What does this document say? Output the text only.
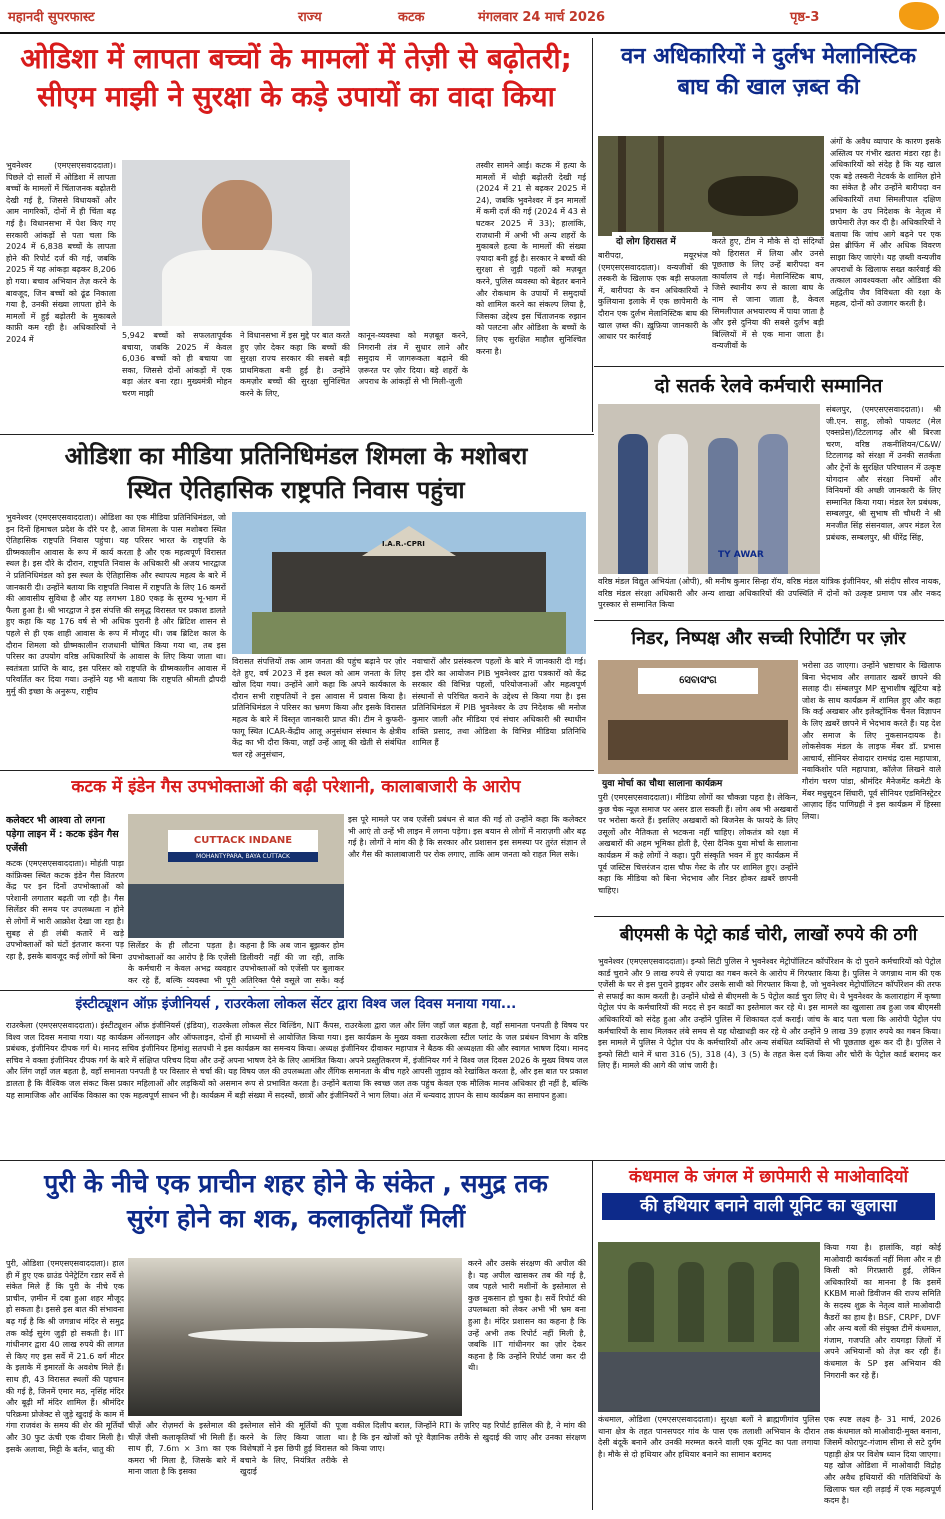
महानदी सुपरफास्ट	राज्य	कटक	मंगलवार 24 मार्च 2026	पृष्ठ-3
ओडिशा में लापता बच्चों के मामलों में तेज़ी से बढ़ोतरी;
सीएम माझी ने सुरक्षा के कड़े उपायों का वादा किया
भुवनेश्वर (एमएसएसवाददाता)। पिछले दो सालों में ओडिशा में लापता बच्चों के मामलों में चिंताजनक बढ़ोतरी देखी गई है, जिससे विधायकों और आम नागरिकों, दोनों में ही चिंता बढ़ गई है। विधानसभा में पेश किए गए सरकारी आंकड़ों से पता चला कि 2024 में 6,838 बच्चों के लापता होने की रिपोर्ट दर्ज की गई, जबकि 2025 में यह आंकड़ा बढ़कर 8,206 हो गया। बचाव अभियान तेज़ करने के बावजूद, जिन बच्चों को ढूंढ निकाला गया है, उनकी संख्या लापता होने के मामलों में हुई बढ़ोतरी के मुकाबले काफ़ी कम रही है। अधिकारियों ने 2024 में	5,942 बच्चों को सफलतापूर्वक बचाया, जबकि 2025 में केवल 6,036 बच्चों को ही बचाया जा सका, जिससे दोनों आंकड़ों में एक बड़ा अंतर बना रहा। मुख्यमंत्री मोहन चरण माझी
ने विधानसभा में इस मुद्दे पर बात करते हुए ज़ोर देकर कहा कि बच्चों की सुरक्षा राज्य सरकार की सबसे बड़ी प्राथमिकता बनी हुई है। उन्होंने कमज़ोर बच्चों की सुरक्षा सुनिश्चित करने के लिए,
कानून-व्यवस्था को मज़बूत करने, निगरानी तंत्र में सुधार लाने और समुदाय में जागरूकता बढ़ाने की ज़रूरत पर ज़ोर दिया। बड़े शहरों के अपराध के आंकड़ों से भी मिली-जुली
तस्वीर सामने आई। कटक में हत्या के मामलों में थोड़ी बढ़ोतरी देखी गई (2024 में 21 से बढ़कर 2025 में 24), जबकि भुवनेश्वर में इन मामलों में कमी दर्ज की गई (2024 में 43 से घटकर 2025 में 33); हालांकि, राजधानी में अभी भी अन्य शहरों के मुकाबले हत्या के मामलों की संख्या ज़्यादा बनी हुई है। सरकार ने बच्चों की सुरक्षा से जुड़ी पहलों को मज़बूत करने, पुलिस व्यवस्था को बेहतर बनाने और रोकथाम के उपायों में समुदायों को शामिल करने का संकल्प लिया है, जिसका उद्देश्य इस चिंताजनक रुझान को पलटना और ओडिशा के बच्चों के लिए एक सुरक्षित माहौल सुनिश्चित करना है।
वन अधिकारियों ने दुर्लभ मेलानिस्टिक
बाघ की खाल ज़ब्त की
दो लोग हिरासत में
बारीपदा, मयूरभंज (एमएसएसवाददाता)। वन्यजीवों की तस्करी के खिलाफ एक बड़ी सफलता में, बारीपदा के वन अधिकारियों ने कुलियाना इलाके में एक छापेमारी के दौरान एक दुर्लभ मेलानिस्टिक बाघ की खाल ज़ब्त की। ख़ुफ़िया जानकारी के आधार पर कार्रवाई
करते हुए, टीम ने मौके से दो संदिग्धों को हिरासत में लिया और उनसे पूछताछ के लिए उन्हें बारीपदा वन कार्यालय ले गई। मेलानिस्टिक बाघ, जिसे स्थानीय रूप से काला बाघ के नाम से जाना जाता है, केवल सिमलीपाल अभयारण्य में पाया जाता है और इसे दुनिया की सबसे दुर्लभ बड़ी बिल्लियों में से एक माना जाता है। वन्यजीवों के
अंगों के अवैध व्यापार के कारण इसके अस्तित्व पर गंभीर खतरा मंडरा रहा है। अधिकारियों को संदेह है कि यह खाल एक बड़े तस्करी नेटवर्क के शामिल होने का संकेत है और उन्होंने बारीपदा वन अधिकारियों तथा सिमलीपाल दक्षिण प्रभाग के उप निदेशक के नेतृत्व में छापेमारी तेज़ कर दी है। अधिकारियों ने बताया कि जांच आगे बढ़ने पर एक प्रेस ब्रीफिंग में और अधिक विवरण साझा किए जाएंगे। यह ज़ब्ती वन्यजीव अपराधों के खिलाफ सख्त कार्रवाई की तत्काल आवश्यकता और ओडिशा की अद्वितीय जैव विविधता की रक्षा के महत्व, दोनों को उजागर करती है।
दो सतर्क रेलवे कर्मचारी सम्मानित
TY AWAR
संबलपुर, (एमएसएसवाददाता)। श्री जी.एन. साहू, लोको पायलट (मेल एक्सप्रेस)/टिटलागढ़ और श्री बिरजा चरण, वरिष्ठ तकनीशियन/C&W/टिटलागढ़ को संरक्षा में उनकी सतर्कता और ट्रेनों के सुरक्षित परिचालन में उत्कृष्ट योगदान और संरक्षा नियमों और विनियमों की अच्छी जानकारी के लिए सम्मानित किया गया। मंडल रेल प्रबंधक, सम्बलपुर, श्री सुभाष सी चौधरी ने श्री मनजीत सिंह संसनवाल, अपर मंडल रेल प्रबंधक, सम्बलपुर, श्री धीरेंद्र सिंह,
वरिष्ठ मंडल विद्युत अभियंता (ओपी), श्री मनीष कुमार सिन्हा रॉय, वरिष्ठ मंडल यांत्रिक इंजीनियर, श्री संदीप सौरव नायक, वरिष्ठ मंडल संरक्षा अधिकारी और अन्य शाखा अधिकारियों की उपस्थिति में दोनों को उत्कृष्ट प्रमाण पत्र और नकद पुरस्कार से सम्मानित किया
ओडिशा का मीडिया प्रतिनिधिमंडल शिमला के मशोबरा
स्थित ऐतिहासिक राष्ट्रपति निवास पहुंचा
भुवनेश्वर (एमएसएसवाददाता)। ओडिशा का एक मीडिया प्रतिनिधिमंडल, जो इन दिनों हिमाचल प्रदेश के दौरे पर है, आज शिमला के पास मशोबरा स्थित ऐतिहासिक राष्ट्रपति निवास पहुंचा। यह परिसर भारत के राष्ट्रपति के ग्रीष्मकालीन आवास के रूप में कार्य करता है और एक महत्वपूर्ण विरासत स्थल है। इस दौरे के दौरान, राष्ट्रपति निवास के अधिकारी श्री अजय भारद्वाज ने प्रतिनिधिमंडल को इस स्थल के ऐतिहासिक और स्थापत्य महत्व के बारे में जानकारी दी। उन्होंने बताया कि राष्ट्रपति निवास में राष्ट्रपति के लिए 16 कमरों की आवासीय सुविधा है और यह लगभग 180 एकड़ के सुरम्य भू-भाग में फैला हुआ है। श्री भारद्वाज ने इस संपत्ति की समृद्ध विरासत पर प्रकाश डालते हुए कहा कि यह 176 वर्ष से भी अधिक पुरानी है और ब्रिटिश शासन से पहले से ही एक शाही आवास के रूप में मौजूद थी। जब ब्रिटिश काल के दौरान शिमला को ग्रीष्मकालीन राजधानी घोषित किया गया था, तब इस परिसर का उपयोग वरिष्ठ अधिकारियों के आवास के लिए किया जाता था। स्वतंत्रता प्राप्ति के बाद, इस परिसर को राष्ट्रपति के ग्रीष्मकालीन आवास में परिवर्तित कर दिया गया। उन्होंने यह भी बताया कि राष्ट्रपति श्रीमती द्रौपदी मुर्मु की इच्छा के अनुरूप, राष्ट्रीय
I.A.R.-CPRI
विरासत संपत्तियों तक आम जनता की पहुंच बढ़ाने पर ज़ोर देते हुए, वर्ष 2023 में इस स्थल को आम जनता के लिए खोल दिया गया। उन्होंने आगे कहा कि अपने कार्यकाल के दौरान सभी राष्ट्रपतियों ने इस आवास में प्रवास किया है। प्रतिनिधिमंडल ने परिसर का भ्रमण किया और इसके विरासत महत्व के बारे में विस्तृत जानकारी प्राप्त की। टीम ने कुफरी-फागू स्थित ICAR-केंद्रीय आलू अनुसंधान संस्थान के क्षेत्रीय केंद्र का भी दौरा किया, जहाँ उन्हें आलू की खेती से संबंधित चल रहे अनुसंधान,
नवाचारों और प्रसंस्करण पहलों के बारे में जानकारी दी गई। इस दौरे का आयोजन PIB भुवनेश्वर द्वारा पत्रकारों को केंद्र सरकार की विभिन्न पहलों, परियोजनाओं और महत्वपूर्ण संस्थानों से परिचित कराने के उद्देश्य से किया गया है। इस प्रतिनिधिमंडल में PIB भुवनेश्वर के उप निदेशक श्री मनोज कुमार जाली और मीडिया एवं संचार अधिकारी श्री स्थाधीन शक्ति प्रसाद, तथा ओडिशा के विभिन्न मीडिया प्रतिनिधि शामिल हैं
निडर, निष्पक्ष और सच्ची रिपोर्टिंग पर ज़ोर
ସେବାସଂଗ
युवा मोर्चा का चौथा सालाना कार्यक्रम
पुरी (एमएसएसवाददाता)। मीडिया लोगों का चौकन्ना पहरा है। लेकिन, कुछ चेक न्यूज़ समाज पर असर डाल सकती हैं। लोग अब भी अखबारों पर भरोसा करते हैं। इसलिए अखबारों को बिजनेस के फायदे के लिए उसूलों और नैतिकता से भटकना नहीं चाहिए। लोकतंत्र को रक्षा में अखबारों की अहम भूमिका होती है, ऐसा दैनिक युवा मोर्चा के सालाना कार्यक्रम में कहे लोगों ने कहा। पुरी संस्कृति भवन में हुए कार्यक्रम में पूर्व जस्टिस चित्तरंजन दास चौफ गेस्ट के तौर पर शामिल हुए। उन्होंने कहा कि मीडिया को बिना भेदभाव और निडर होकर ख़बरें छापनी चाहिए।
भरोसा उठ जाएगा। उन्होंने भ्रष्टाचार के खिलाफ बिना भेदभाव और लगातार खबरें छापने की सलाह दी। संम्बलपुर MP सुभाशीष खूंटिया बड़े जोश के साथ कार्यक्रम में शामिल हुए और कहा कि कई अखबार और इलेक्ट्रॉनिक चैनल विज्ञापन के लिए ख़बरें छापने में भेदभाव करते हैं। यह देश और समाज के लिए नुकसानदायक है। लोकसेवक मंडल के लाइफ मेंबर डॉ. प्रभास आचार्य, सीनियर सेवादार रामचंद्र दास महापात्रा, नवाकिशोर पति महापात्रा, कॉलेज लिखने वाले गौरांग चरण पांडा, श्रीमंदिर मैनेजमेंट कमेटी के मेंबर मधुसूदन सिंघारी, पूर्व सीनियर एडमिनिस्ट्रेटर आज़ाद हिंद पाणिग्रही ने इस कार्यक्रम में हिस्सा लिया।
कटक में इंडेन गैस उपभोक्ताओं की बढ़ी परेशानी, कालाबाजारी के आरोप
कलेक्टर भी आश्वा तो लगना पड़ेगा लाइन में : कटक इंडेन गैस एजेंसी
कटक (एमएसएसवाददाता)। मोहंती पाड़ा कांफ्रिक्स स्थित कटक इंडेन गैस वितरण केंद्र पर इन दिनों उपभोक्ताओं को परेशानी लगातार बढ़ती जा रही है। गैस सिलेंडर की समय पर उपलब्धता न होने से लोगों में भारी आक्रोश देखा जा रहा है। सुबह से ही लंबी कतारें में खड़े उपभोक्ताओं को घंटों इंतजार करना पड़ रहा है, इसके बावजूद कई लोगों को बिना
CUTTACK INDANE
MOHANTYPARA, BAYA CUTTACK
सिलेंडर के ही लौटना पड़ता है। उपभोक्ताओं का आरोप है कि एजेंसी के कर्मचारी न केवल अभद्र व्यवहार कर रहे हैं, बल्कि व्यवस्था भी पूरी
कहना है कि अब जान बूझकर होम डिलीवरी नहीं की जा रही, ताकि उपभोक्ताओं को एजेंसी पर बुलाकर अतिरिक्त पैसे वसूले जा सकें। कई
इस पूरे मामले पर जब एजेंसी प्रबंधन से बात की गई तो उन्होंने कहा कि कलेक्टर भी आएं तो उन्हें भी लाइन में लगना पड़ेगा। इस बयान से लोगों में नाराज़गी और बढ़ गई है। लोगों ने मांग की है कि सरकार और प्रशासन इस समस्या पर तुरंत संज्ञान ले और गैस की कालाबाजारी पर रोक लगाए, ताकि आम जनता को राहत मिल सके।
इंस्टीट्यूशन ऑफ़ इंजीनियर्स , राउरकेला लोकल सेंटर द्वारा विश्व जल दिवस मनाया गया...
राउरकेला (एमएसएसवाददाता)। इंस्टीट्यूशन ऑफ़ इंजीनियर्स (इंडिया), राउरकेला लोकल सेंटर बिल्डिंग, NIT कैंपस, राउरकेला द्वारा जल और लिंग जहाँ जल बहता है, वहाँ समानता पनपती है विषय पर विश्व जल दिवस मनाया गया। यह कार्यक्रम ऑनलाइन और ऑफलाइन, दोनों ही माध्यमों से आयोजित किया गया। इस कार्यक्रम के मुख्य वक्ता राउरकेला स्टील प्लांट के जल प्रबंधन विभाग के वरिष्ठ प्रबंधक, इंजीनियर दीपक गर्ग थे। मानद सचिव इंजीनियर हिमांशु सतपथी ने इस कार्यक्रम का समन्वय किया। अध्यक्ष इंजीनियर दीवाकर महापात्र ने बैठक की अध्यक्षता की और स्वागत भाषण दिया। मानद सचिव ने वक्ता इंजीनियर दीपक गर्ग के बारे में संक्षिप्त परिचय दिया और उन्हें अपना भाषण देने के लिए आमंत्रित किया। अपने प्रस्तुतिकरण में, इंजीनियर गर्ग ने विश्व जल दिवस 2026 के मुख्य विषय जल और लिंग जहाँ जल बहता है, वहाँ समानता पनपती है पर विस्तार से चर्चा की। यह विषय जल की उपलब्धता और लैंगिक समानता के बीच गहरे आपसी जुड़ाव को रेखांकित करता है, और इस बात पर प्रकाश डालता है कि वैश्विक जल संकट किस प्रकार महिलाओं और लड़कियों को असमान रूप से प्रभावित करता है। उन्होंने बताया कि स्वच्छ जल तक पहुंच केवल एक मौलिक मानव अधिकार ही नहीं है, बल्कि यह सामाजिक और आर्थिक विकास का एक महत्वपूर्ण साधन भी है। कार्यक्रम में बड़ी संख्या में सदस्यों, छात्रों और इंजीनियरों ने भाग लिया। अंत में धन्यवाद ज्ञापन के साथ कार्यक्रम का समापन हुआ।
बीएमसी के पेट्रो कार्ड चोरी, लाखों रुपये की ठगी
भुवनेश्वर (एमएसएसवाददाता)। इन्फो सिटी पुलिस ने भुवनेश्वर मेट्रोपॉलिटन कॉर्पोरेशन के दो पुराने कर्मचारियों को पेट्रोल कार्ड चुराने और 9 लाख रुपये से ज़्यादा का गबन करने के आरोप में गिरफ्तार किया है। पुलिस ने जगन्नाथ नाम की एक एजेंसी के घर से इस पुराने ड्राइवर और उसके साथी को गिरफ्तार किया है, जो भुवनेश्वर मेट्रोपॉलिटन कॉर्पोरेशन की तरफ से सफाई का काम करती है। उन्होंने धोखे से बीएमसी के 5 पेट्रोल कार्ड चुरा लिए थे। ये भुवनेश्वर के कलाराहांग में कृष्णा पेट्रोल पंप के कर्मचारियों की मदद से इन कार्डों का इस्तेमाल कर रहे थे। इस मामले का खुलासा तब हुआ जब बीएमसी अधिकारियों को संदेह हुआ और उन्होंने पुलिस में शिकायत दर्ज कराई। जांच के बाद पता चला कि आरोपी पेट्रोल पंप कर्मचारियों के साथ मिलकर लंबे समय से यह धोखाधड़ी कर रहे थे और उन्होंने 9 लाख 39 हज़ार रुपये का गबन किया। इस मामले में पुलिस ने पेट्रोल पंप के कर्मचारियों और अन्य संबंधित व्यक्तियों से भी पूछताछ शुरू कर दी है। पुलिस ने इन्फो सिटी थाने में धारा 316 (5), 318 (4), 3 (5) के तहत केस दर्ज किया और चोरी के पेट्रोल कार्ड बरामद कर लिए हैं। मामले की आगे की जांच जारी है।
पुरी के नीचे एक प्राचीन शहर होने के संकेत , समुद्र तक
सुरंग होने का शक, कलाकृतियाँ मिलीं
पुरी, ओडिशा (एमएसएसवाददाता)। हाल ही में हुए एक ग्राउंड पेनेट्रेटिंग रडार सर्वे से संकेत मिले हैं कि पुरी के नीचे एक प्राचीन, ज़मीन में दबा हुआ शहर मौजूद हो सकता है। इससे इस बात की संभावना बढ़ गई है कि श्री जगन्नाथ मंदिर से समुद्र तक कोई सुरंग जुड़ी हो सकती है। IIT गांधीनगर द्वारा 40 लाख रुपये की लागत से किए गए इस सर्वे में 21.6 वर्ग मीटर के इलाके में इमारतों के अवशेष मिले हैं। साथ ही, 43 विरासत स्थलों की पहचान की गई है, जिनमें एमार मठ, नृसिंह मंदिर और बूढ़ी माँ मंदिर शामिल हैं। श्रीमंदिर परिक्रमा प्रोजेक्ट से जुड़े खुदाई के काम में गंगा राजवंश के समय की शेर की मूर्तियाँ और 30 फुट ऊंची एक दीवार मिली है। इसके अलावा, मिट्टी के बर्तन, धातु की
चीज़ें और रोज़मर्रा के इस्तेमाल की चीज़ें जैसी कलाकृतियाँ भी मिली हैं। साथ ही, 7.6m × 3m का एक कमरा भी मिला है, जिसके बारे में माना जाता है कि इसका
इस्तेमाल सोने की मूर्तियों की पूजा करने के लिए किया जाता था। विशेषज्ञों ने इस छिपी हुई विरासत को बचाने के लिए, नियंत्रित तरीके से खुदाई
करने और उसके संरक्षण की अपील की है। यह अपील खासकर तब की गई है, जब पहले भारी मशीनों के इस्तेमाल से कुछ नुकसान हो चुका है। सर्वे रिपोर्ट की उपलब्धता को लेकर अभी भी भ्रम बना हुआ है। मंदिर प्रशासन का कहना है कि उन्हें अभी तक रिपोर्ट नहीं मिली है, जबकि IIT गांधीनगर का ज़ोर देकर कहना है कि उन्होंने रिपोर्ट जमा कर दी थी।
वकील दिलीप बराल, जिन्होंने RTI के ज़रिए यह रिपोर्ट हासिल की है, ने मांग की है कि इन खोजों को पूरे वैज्ञानिक तरीके से खुदाई की जाए और उनका संरक्षण किया जाए।
कंधमाल के जंगल में छापेमारी से माओवादियों
की हथियार बनाने वाली यूनिट का खुलासा
किया गया है। हालांकि, वहां कोई माओवादी कार्यकर्ता नहीं मिला और न ही किसी को गिरफ़्तारी हुई, लेकिन अधिकारियों का मानना है कि इसमें KKBM माओ डिवीजन की राज्य समिति के सदस्य शुक्र के नेतृत्व वाले माओवादी कैडरों का हाथ है। BSF, CRPF, DVF और अन्य बलों की संयुक्त टीमें कंधमाल, गंजाम, गजपति और रायगड़ा ज़िलों में अपने अभियानों को तेज़ कर रही हैं। कंधमाल के SP इस अभियान की निगरानी कर रहे हैं।
कंधमाल, ओडिशा (एमएसएसवाददाता)। सुरक्षा बलों ने ब्राह्मणीगांव पुलिस थाना क्षेत्र के तहत पानसपदर गांव के पास एक तलाशी अभियान के दौरान देसी बंदूकें बनाने और उनकी मरम्मत करने वाली एक यूनिट का पता लगाया है। मौके से दो हथियार और हथियार बनाने का सामान बरामद
एक स्पष्ट लक्ष्य है- 31 मार्च, 2026 तक कंधमाल को माओवादी-मुक्त बनाना, जिसमें कोरापुट-गंजाम सीमा से सटे दुर्गम पहाड़ी क्षेत्र पर विशेष ध्यान दिया जाएगा। यह खोज ओडिशा में माओवादी विद्रोह और अवैध हथियारों की गतिविधियों के खिलाफ चल रही लड़ाई में एक महत्वपूर्ण कदम है।
